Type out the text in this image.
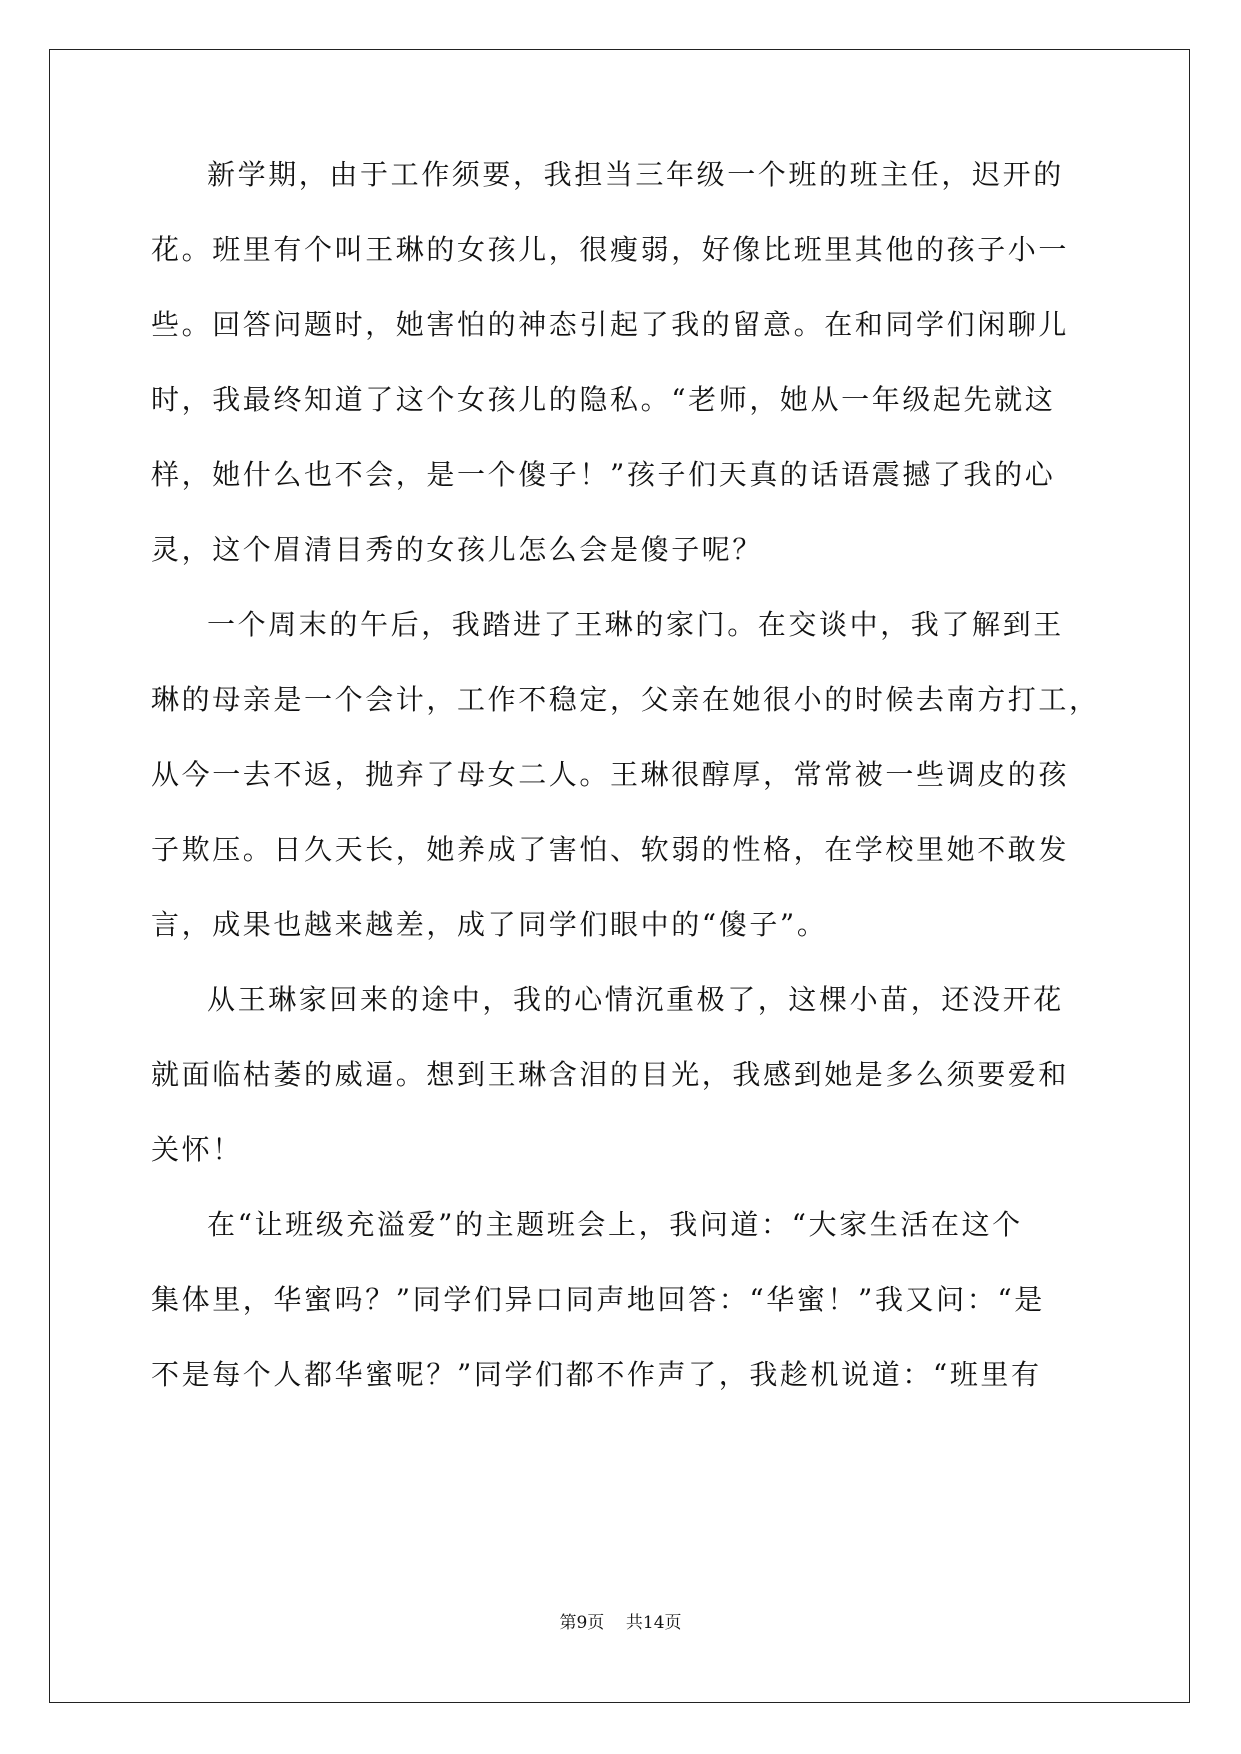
新学期，由于工作须要，我担当三年级一个班的班主任，迟开的
花。班里有个叫王琳的女孩儿，很瘦弱，好像比班里其他的孩子小一
些。回答问题时，她害怕的神态引起了我的留意。在和同学们闲聊儿
时，我最终知道了这个女孩儿的隐私。“老师，她从一年级起先就这
样，她什么也不会，是一个傻子！”孩子们天真的话语震撼了我的心
灵，这个眉清目秀的女孩儿怎么会是傻子呢？
一个周末的午后，我踏进了王琳的家门。在交谈中，我了解到王
琳的母亲是一个会计，工作不稳定，父亲在她很小的时候去南方打工，
从今一去不返，抛弃了母女二人。王琳很醇厚，常常被一些调皮的孩
子欺压。日久天长，她养成了害怕、软弱的性格，在学校里她不敢发
言，成果也越来越差，成了同学们眼中的“傻子”。
从王琳家回来的途中，我的心情沉重极了，这棵小苗，还没开花
就面临枯萎的威逼。想到王琳含泪的目光，我感到她是多么须要爱和
关怀！
在“让班级充溢爱”的主题班会上，我问道：“大家生活在这个
集体里，华蜜吗？”同学们异口同声地回答：“华蜜！”我又问：“是
不是每个人都华蜜呢？”同学们都不作声了，我趁机说道：“班里有
第9页 共14页
